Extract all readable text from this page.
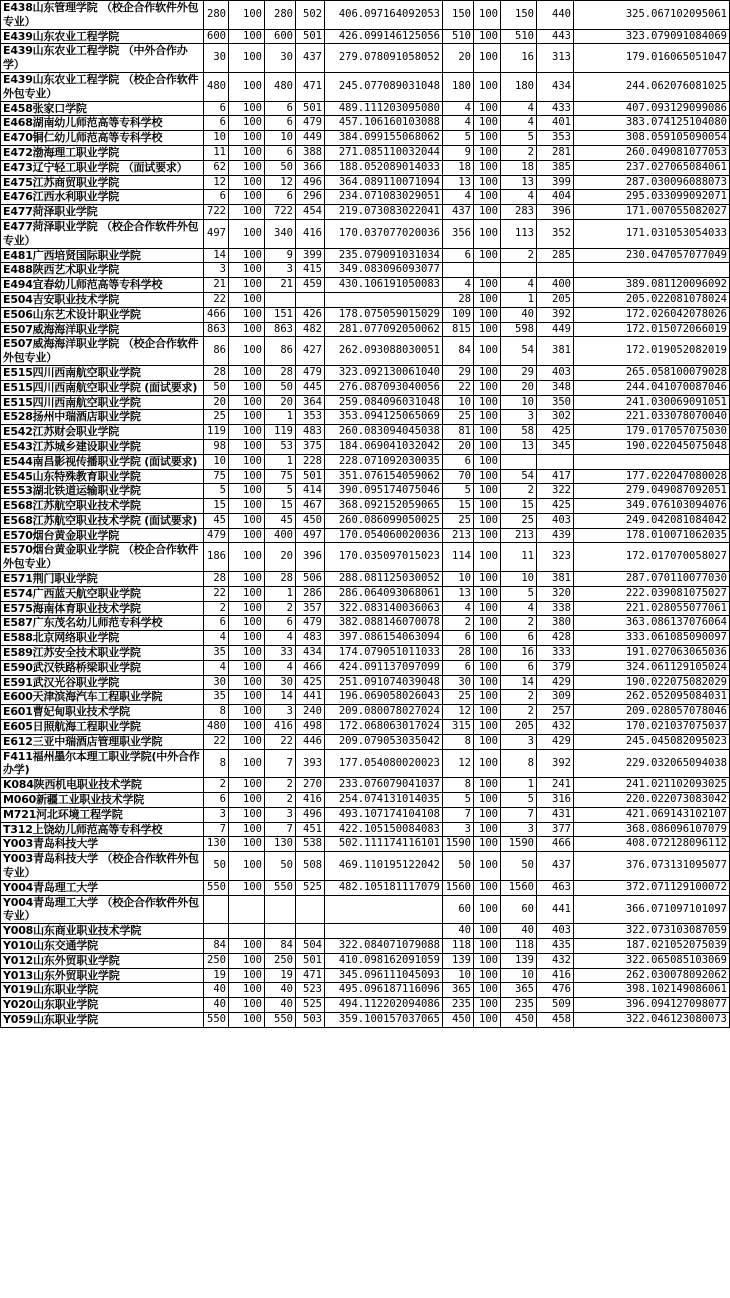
E438山东管理学院 （校企合作软件外包专业）	280	100	280	502	406.097164092053	150	100	150	440	325.067102095061
E439山东农业工程学院	600	100	600	501	426.099146125056	510	100	510	443	323.079091084069
E439山东农业工程学院 （中外合作办学）	30	100	30	437	279.078091058052	20	100	16	313	179.016065051047
E439山东农业工程学院 （校企合作软件外包专业）	480	100	480	471	245.077089031048	180	100	180	434	244.062076081025
E458张家口学院	6	100	6	501	489.111203095080	4	100	4	433	407.093129099086
E468湖南幼儿师范高等专科学校	6	100	6	479	457.106160103088	4	100	4	401	383.074125104080
E470铜仁幼儿师范高等专科学校	10	100	10	449	384.099155068062	5	100	5	353	308.059105090054
E472渤海理工职业学院	11	100	6	388	271.085110032044	9	100	2	281	260.049081077053
E473辽宁轻工职业学院 （面试要求）	62	100	50	366	188.052089014033	18	100	18	385	237.027065084061
E475江苏商贸职业学院	12	100	12	496	364.089110071094	13	100	13	399	287.030096088073
E476江西水利职业学院	6	100	6	296	234.071083029051	4	100	4	404	295.033099092071
E477菏泽职业学院	722	100	722	454	219.073083022041	437	100	283	396	171.007055082027
E477菏泽职业学院 （校企合作软件外包专业）	497	100	340	416	170.037077020036	356	100	113	352	171.031053054033
E481广西培贤国际职业学院	14	100	9	399	235.079091031034	6	100	2	285	230.047057077049
E488陕西艺术职业学院	3	100	3	415	349.083096093077					
E494宜春幼儿师范高等专科学校	21	100	21	459	430.106191050083	4	100	4	400	389.081120096092
E504吉安职业技术学院	22	100				28	100	1	205	205.022081078024
E506山东艺术设计职业学院	466	100	151	426	178.075059015029	109	100	40	392	172.026042078026
E507威海海洋职业学院	863	100	863	482	281.077092050062	815	100	598	449	172.015072066019
E507威海海洋职业学院 （校企合作软件外包专业）	86	100	86	427	262.093088030051	84	100	54	381	172.019052082019
E515四川西南航空职业学院	28	100	28	479	323.092130061040	29	100	29	403	265.058100079028
E515四川西南航空职业学院 (面试要求)	50	100	50	445	276.087093040056	22	100	20	348	244.041070087046
E515四川西南航空职业学院	20	100	20	364	259.084096031048	10	100	10	350	241.030069091051
E528扬州中瑞酒店职业学院	25	100	1	353	353.094125065069	25	100	3	302	221.033078070040
E542江苏财会职业学院	119	100	119	483	260.083094045038	81	100	58	425	179.017057075030
E543江苏城乡建设职业学院	98	100	53	375	184.069041032042	20	100	13	345	190.022045075048
E544南昌影视传播职业学院 (面试要求)	10	100	1	228	228.071092030035	6	100			
E545山东特殊教育职业学院	75	100	75	501	351.076154059062	70	100	54	417	177.022047080028
E553湖北铁道运输职业学院	5	100	5	414	390.095174075046	5	100	2	322	279.049087092051
E568江苏航空职业技术学院	15	100	15	467	368.092152059065	15	100	15	425	349.076103094076
E568江苏航空职业技术学院 (面试要求)	45	100	45	450	260.086099050025	25	100	25	403	249.042081084042
E570烟台黄金职业学院	479	100	400	497	170.054060020036	213	100	213	439	178.010071062035
E570烟台黄金职业学院 （校企合作软件外包专业）	186	100	20	396	170.035097015023	114	100	11	323	172.017070058027
E571荆门职业学院	28	100	28	506	288.081125030052	10	100	10	381	287.070110077030
E574广西蓝天航空职业学院	22	100	1	286	286.064093068061	13	100	5	320	222.039081075027
E575海南体育职业技术学院	2	100	2	357	322.083140036063	4	100	4	338	221.028055077061
E587广东茂名幼儿师范专科学校	6	100	6	479	382.088146070078	2	100	2	380	363.086137076064
E588北京网络职业学院	4	100	4	483	397.086154063094	6	100	6	428	333.061085090097
E589江苏安全技术职业学院	35	100	33	434	174.079051011033	28	100	16	333	191.027063065036
E590武汉铁路桥梁职业学院	4	100	4	466	424.091137097099	6	100	6	379	324.061129105024
E591武汉光谷职业学院	30	100	30	425	251.091074039048	30	100	14	429	190.022075082029
E600天津滨海汽车工程职业学院	35	100	14	441	196.069058026043	25	100	2	309	262.052095084031
E601曹妃甸职业技术学院	8	100	3	240	209.080078027024	12	100	2	257	209.028057078046
E605日照航海工程职业学院	480	100	416	498	172.068063017024	315	100	205	432	170.021037075037
E612三亚中瑞酒店管理职业学院	22	100	22	446	209.079053035042	8	100	3	429	245.045082095023
F411福州墨尔本理工职业学院(中外合作办学)	8	100	7	393	177.054080020023	12	100	8	392	229.032065094038
K084陕西机电职业技术学院	2	100	2	270	233.076079041037	8	100	1	241	241.021102093025
M060新疆工业职业技术学院	6	100	2	416	254.074131014035	5	100	5	316	220.022073083042
M721河北环境工程学院	3	100	3	496	493.107174104108	7	100	7	431	421.069143102107
T312上饶幼儿师范高等专科学校	7	100	7	451	422.105150084083	3	100	3	377	368.086096107079
Y003青岛科技大学	130	100	130	538	502.111174116101	1590	100	1590	466	408.072128096112
Y003青岛科技大学 （校企合作软件外包专业）	50	100	50	508	469.110195122042	50	100	50	437	376.073131095077
Y004青岛理工大学	550	100	550	525	482.105181117079	1560	100	1560	463	372.071129100072
Y004青岛理工大学 （校企合作软件外包专业）						60	100	60	441	366.071097101097
Y008山东商业职业技术学院						40	100	40	403	322.073103087059
Y010山东交通学院	84	100	84	504	322.084071079088	118	100	118	435	187.021052075039
Y012山东外贸职业学院	250	100	250	501	410.098162091059	139	100	139	432	322.065085103069
Y013山东外贸职业学院	19	100	19	471	345.096111045093	10	100	10	416	262.030078092062
Y019山东职业学院	40	100	40	523	495.096187116096	365	100	365	476	398.102149086061
Y020山东职业学院	40	100	40	525	494.112202094086	235	100	235	509	396.094127098077
Y059山东职业学院	550	100	550	503	359.100157037065	450	100	450	458	322.046123080073
